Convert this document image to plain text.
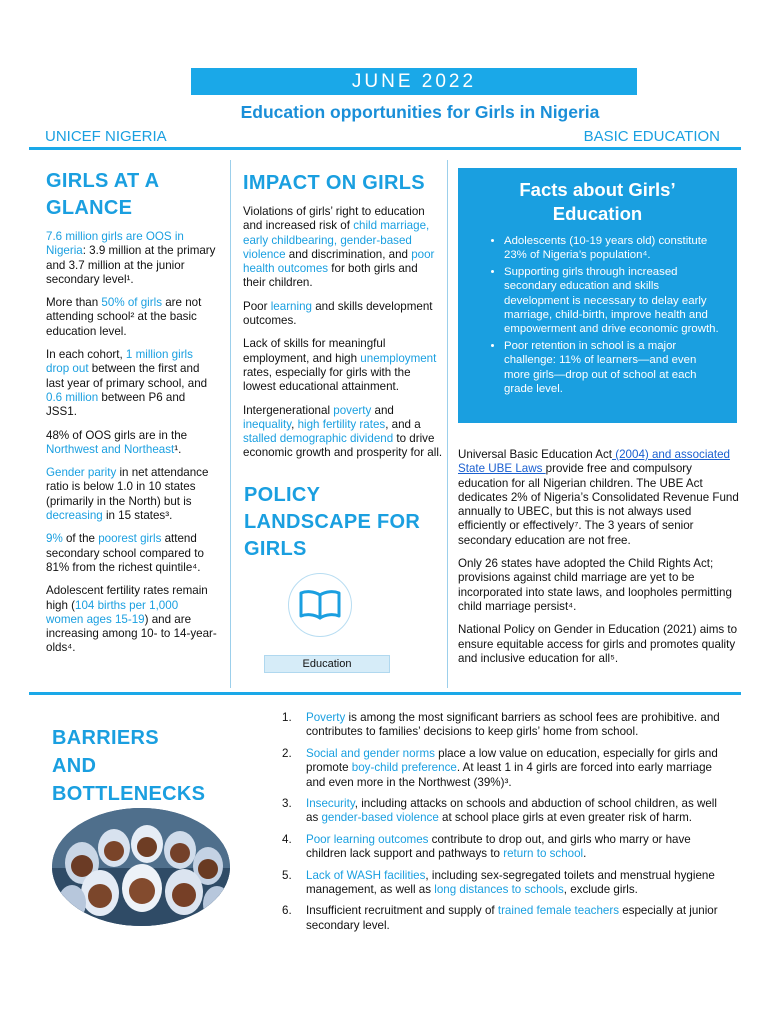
JUNE 2022
Education opportunities for Girls in Nigeria
UNICEF NIGERIA	BASIC EDUCATION
GIRLS AT A GLANCE

7.6 million girls are OOS in Nigeria: 3.9 million at the primary and 3.7 million at the junior secondary level¹.

More than 50% of girls are not attending school² at the basic education level.

In each cohort, 1 million girls drop out between the first and last year of primary school, and 0.6 million between P6 and JSS1.

48% of OOS girls are in the Northwest and Northeast¹.

Gender parity in net attendance ratio is below 1.0 in 10 states (primarily in the North) but is decreasing in 15 states³.

9% of the poorest girls attend secondary school compared to 81% from the richest quintile⁴.

Adolescent fertility rates remain high (104 births per 1,000 women ages 15-19) and are increasing among 10- to 14-year-olds⁴.

IMPACT ON GIRLS

Violations of girls’ right to education and increased risk of child marriage, early childbearing, gender-based violence and discrimination, and poor health outcomes for both girls and their children.

Poor learning and skills development outcomes.

Lack of skills for meaningful employment, and high unemployment rates, especially for girls with the lowest educational attainment.

Intergenerational poverty and inequality, high fertility rates, and a stalled demographic dividend to drive economic growth and prosperity for all.

POLICY LANDSCAPE FOR GIRLS
Education
Facts about Girls’ Education
• Adolescents (10-19 years old) constitute 23% of Nigeria’s population⁴.
• Supporting girls through increased secondary education and skills development is necessary to delay early marriage, child-birth, improve health and empowerment and drive economic growth.
• Poor retention in school is a major challenge: 11% of learners—and even more girls—drop out of school at each grade level.

Universal Basic Education Act (2004) and associated State UBE Laws provide free and compulsory education for all Nigerian children. The UBE Act dedicates 2% of Nigeria’s Consolidated Revenue Fund annually to UBEC, but this is not always used efficiently or effectively⁷. The 3 years of senior secondary education are not free.

Only 26 states have adopted the Child Rights Act; provisions against child marriage are yet to be incorporated into state laws, and loopholes permitting child marriage persist⁴.

National Policy on Gender in Education (2021) aims to ensure equitable access for girls and promotes quality and inclusive education for all⁵.

BARRIERS AND BOTTLENECKS
1. Poverty is among the most significant barriers as school fees are prohibitive. and contributes to families’ decisions to keep girls’ home from school.
2. Social and gender norms place a low value on education, especially for girls and promote boy-child preference. At least 1 in 4 girls are forced into early marriage and even more in the Northwest (39%)³.
3. Insecurity, including attacks on schools and abduction of school children, as well as gender-based violence at school place girls at even greater risk of harm.
4. Poor learning outcomes contribute to drop out, and girls who marry or have children lack support and pathways to return to school.
5. Lack of WASH facilities, including sex-segregated toilets and menstrual hygiene management, as well as long distances to schools, exclude girls.
6. Insufficient recruitment and supply of trained female teachers especially at junior secondary level.
